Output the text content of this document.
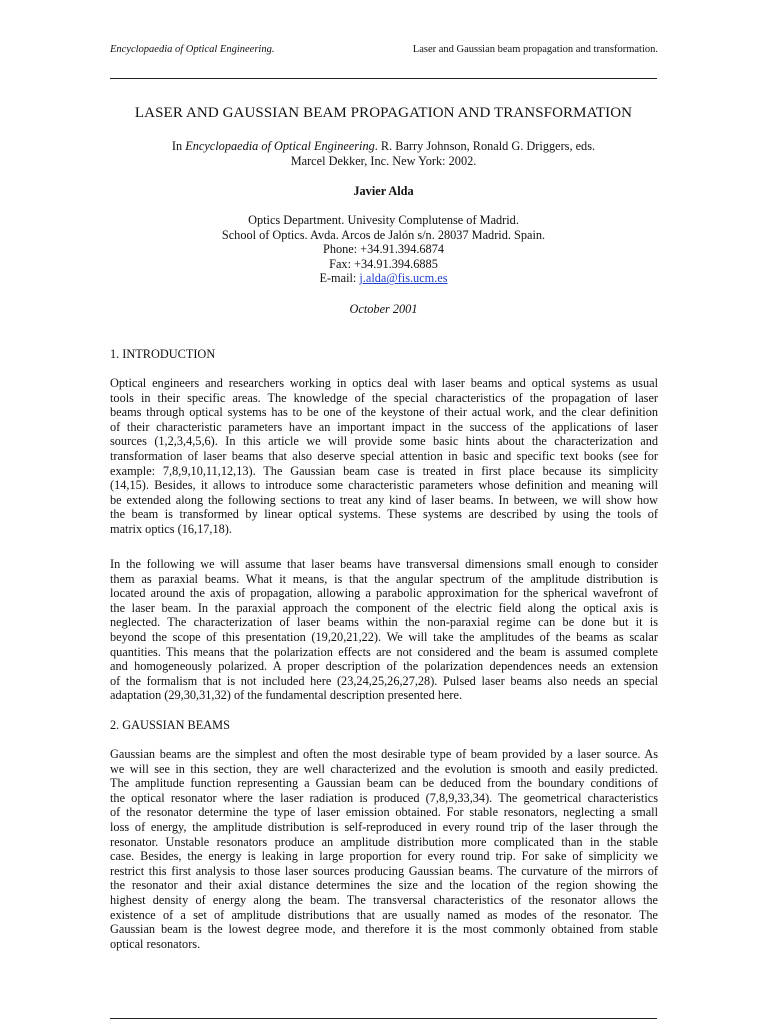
Encyclopaedia of Optical Engineering.	Laser and Gaussian beam propagation and transformation.
LASER AND GAUSSIAN BEAM PROPAGATION AND TRANSFORMATION
In Encyclopaedia of Optical Engineering. R. Barry Johnson, Ronald G. Driggers, eds.
Marcel Dekker, Inc. New York: 2002.
Javier Alda
Optics Department. Univesity Complutense of Madrid.
School of Optics. Avda. Arcos de Jalón s/n. 28037 Madrid. Spain.
Phone: +34.91.394.6874
Fax: +34.91.394.6885
E-mail: j.alda@fis.ucm.es
October 2001
1. INTRODUCTION
Optical engineers and researchers working in optics deal with laser beams and optical systems as usual
tools in their specific areas. The knowledge of the special characteristics of the propagation of laser
beams through optical systems has to be one of the keystone of their actual work, and the clear definition
of their characteristic parameters have an important impact in the success of the applications of laser
sources (1,2,3,4,5,6). In this article we will provide some basic hints about the characterization and
transformation of laser beams that also deserve special attention in basic and specific text books (see for
example: 7,8,9,10,11,12,13). The Gaussian beam case is treated in first place because its simplicity
(14,15). Besides, it allows to introduce some characteristic parameters whose definition and meaning will
be extended along the following sections to treat any kind of laser beams. In between, we will show how
the beam is transformed by linear optical systems. These systems are described by using the tools of
matrix optics (16,17,18).
In the following we will assume that laser beams have transversal dimensions small enough to consider
them as paraxial beams. What it means, is that the angular spectrum of the amplitude distribution is
located around the axis of propagation, allowing a parabolic approximation for the spherical wavefront of
the laser beam. In the paraxial approach the component of the electric field along the optical axis is
neglected. The characterization of laser beams within the non-paraxial regime can be done but it is
beyond the scope of this presentation (19,20,21,22). We will take the amplitudes of the beams as scalar
quantities. This means that the polarization effects are not considered and the beam is assumed complete
and homogeneously polarized. A proper description of the polarization dependences needs an extension
of the formalism that is not included here (23,24,25,26,27,28). Pulsed laser beams also needs an special
adaptation (29,30,31,32) of the fundamental description presented here.
2. GAUSSIAN BEAMS
Gaussian beams are the simplest and often the most desirable type of beam provided by a laser source. As
we will see in this section, they are well characterized and the evolution is smooth and easily predicted.
The amplitude function representing a Gaussian beam can be deduced from the boundary conditions of
the optical resonator where the laser radiation is produced (7,8,9,33,34). The geometrical characteristics
of the resonator determine the type of laser emission obtained. For stable resonators, neglecting a small
loss of energy, the amplitude distribution is self-reproduced in every round trip of the laser through the
resonator. Unstable resonators produce an amplitude distribution more complicated than in the stable
case. Besides, the energy is leaking in large proportion for every round trip. For sake of simplicity we
restrict this first analysis to those laser sources producing Gaussian beams. The curvature of the mirrors of
the resonator and their axial distance determines the size and the location of the region showing the
highest density of energy along the beam. The transversal characteristics of the resonator allows the
existence of a set of amplitude distributions that are usually named as modes of the resonator. The
Gaussian beam is the lowest degree mode, and therefore it is the most commonly obtained from stable
optical resonators.
